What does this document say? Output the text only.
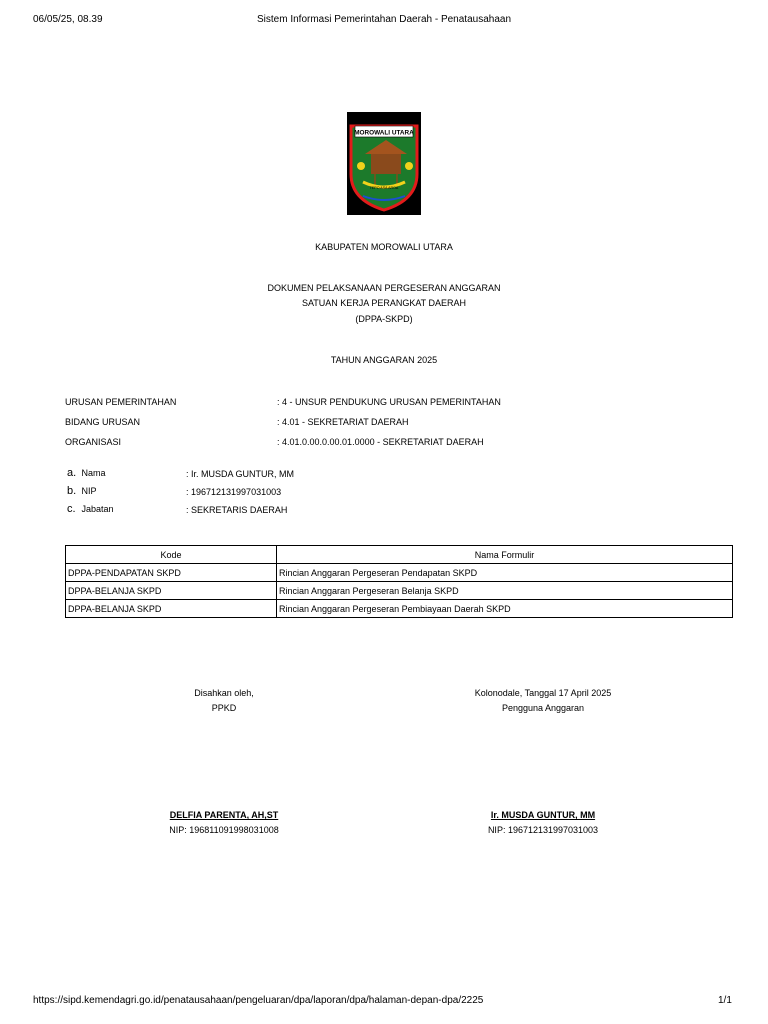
06/05/25, 08.39	Sistem Informasi Pemerintahan Daerah - Penatausahaan
MOROWALI UTARA
TEPO ASA AROA
KABUPATEN MOROWALI UTARA
DOKUMEN PELAKSANAAN PERGESERAN ANGGARAN
SATUAN KERJA PERANGKAT DAERAH
(DPPA-SKPD)
TAHUN ANGGARAN 2025
URUSAN PEMERINTAHAN	: 4 - UNSUR PENDUKUNG URUSAN PEMERINTAHAN
BIDANG URUSAN	: 4.01 - SEKRETARIAT DAERAH
ORGANISASI	: 4.01.0.00.0.00.01.0000 - SEKRETARIAT DAERAH
a. Nama	: Ir. MUSDA GUNTUR, MM
b. NIP	: 196712131997031003
c. Jabatan	: SEKRETARIS DAERAH
Kode	Nama Formulir
DPPA-PENDAPATAN SKPD	Rincian Anggaran Pergeseran Pendapatan SKPD
DPPA-BELANJA SKPD	Rincian Anggaran Pergeseran Belanja SKPD
DPPA-BELANJA SKPD	Rincian Anggaran Pergeseran Pembiayaan Daerah SKPD
Disahkan oleh,
PPKD
DELFIA PARENTA, AH,ST
NIP: 196811091998031008
Kolonodale, Tanggal 17 April 2025
Pengguna Anggaran
Ir. MUSDA GUNTUR, MM
NIP: 196712131997031003
https://sipd.kemendagri.go.id/penatausahaan/pengeluaran/dpa/laporan/dpa/halaman-depan-dpa/2225	1/1
